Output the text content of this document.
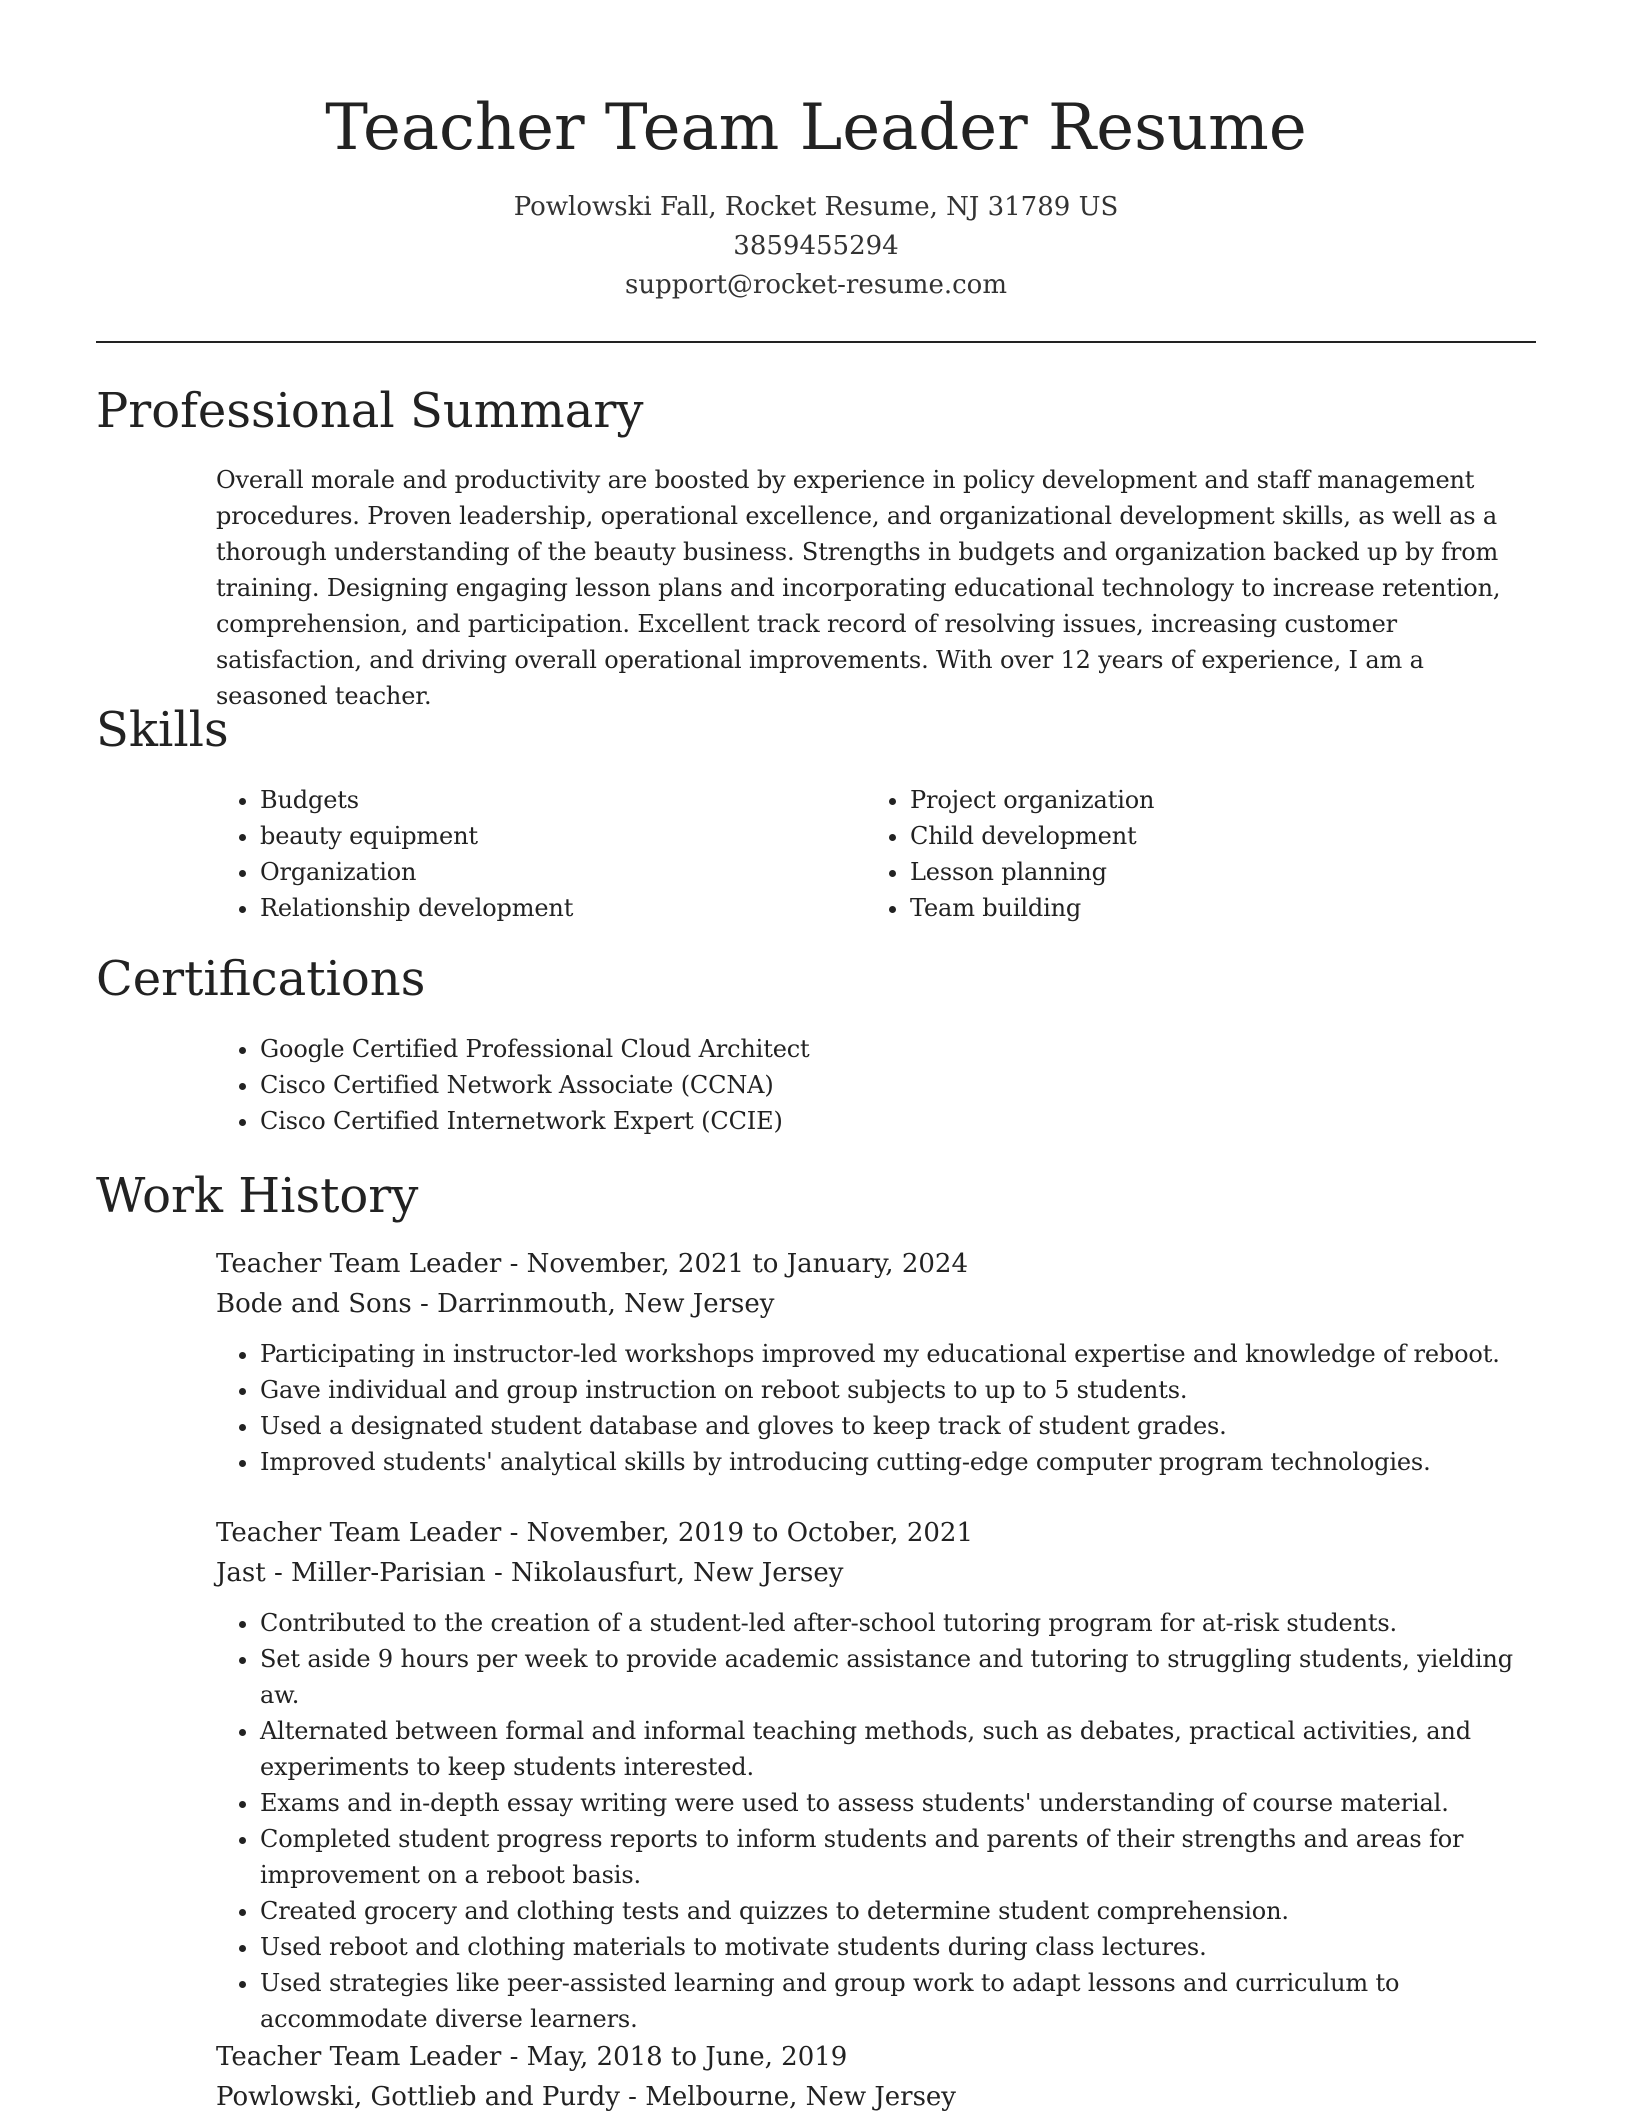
Teacher Team Leader Resume
Powlowski Fall, Rocket Resume, NJ 31789 US
3859455294
support@rocket-resume.com
Professional Summary

Overall morale and productivity are boosted by experience in policy development and staff management procedures. Proven leadership, operational excellence, and organizational development skills, as well as a thorough understanding of the beauty business. Strengths in budgets and organization backed up by from training. Designing engaging lesson plans and incorporating educational technology to increase retention, comprehension, and participation. Excellent track record of resolving issues, increasing customer satisfaction, and driving overall operational improvements. With over 12 years of experience, I am a seasoned teacher.

Skills
• Budgets
• beauty equipment
• Organization
• Relationship development
• Project organization
• Child development
• Lesson planning
• Team building
Certifications
• Google Certified Professional Cloud Architect
• Cisco Certified Network Associate (CCNA)
• Cisco Certified Internetwork Expert (CCIE)
Work History
Teacher Team Leader - November, 2021 to January, 2024
Bode and Sons - Darrinmouth, New Jersey
• Participating in instructor-led workshops improved my educational expertise and knowledge of reboot.
• Gave individual and group instruction on reboot subjects to up to 5 students.
• Used a designated student database and gloves to keep track of student grades.
• Improved students' analytical skills by introducing cutting-edge computer program technologies.
Teacher Team Leader - November, 2019 to October, 2021
Jast - Miller-Parisian - Nikolausfurt, New Jersey
• Contributed to the creation of a student-led after-school tutoring program for at-risk students.
• Set aside 9 hours per week to provide academic assistance and tutoring to struggling students, yielding aw.
• Alternated between formal and informal teaching methods, such as debates, practical activities, and experiments to keep students interested.
• Exams and in-depth essay writing were used to assess students' understanding of course material.
• Completed student progress reports to inform students and parents of their strengths and areas for improvement on a reboot basis.
• Created grocery and clothing tests and quizzes to determine student comprehension.
• Used reboot and clothing materials to motivate students during class lectures.
• Used strategies like peer-assisted learning and group work to adapt lessons and curriculum to accommodate diverse learners.
Teacher Team Leader - May, 2018 to June, 2019
Powlowski, Gottlieb and Purdy - Melbourne, New Jersey
